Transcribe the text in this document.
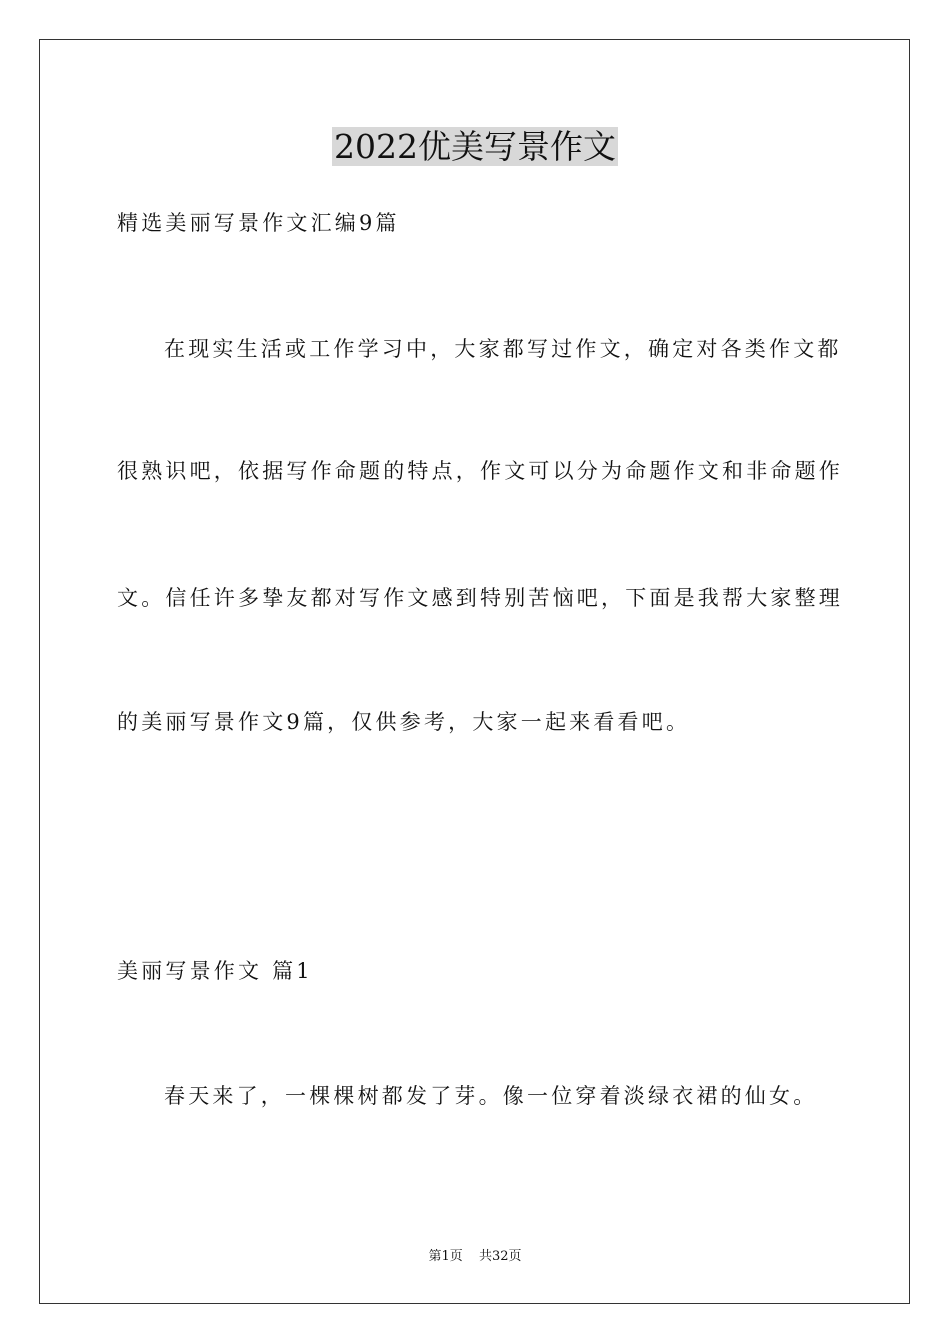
2022优美写景作文
精选美丽写景作文汇编9篇
在现实生活或工作学习中，大家都写过作文，确定对各类作文都
很熟识吧，依据写作命题的特点，作文可以分为命题作文和非命题作
文。信任许多挚友都对写作文感到特别苦恼吧，下面是我帮大家整理
的美丽写景作文9篇，仅供参考，大家一起来看看吧。
美丽写景作文 篇1
春天来了，一棵棵树都发了芽。像一位穿着淡绿衣裙的仙女。
第1页 共32页
